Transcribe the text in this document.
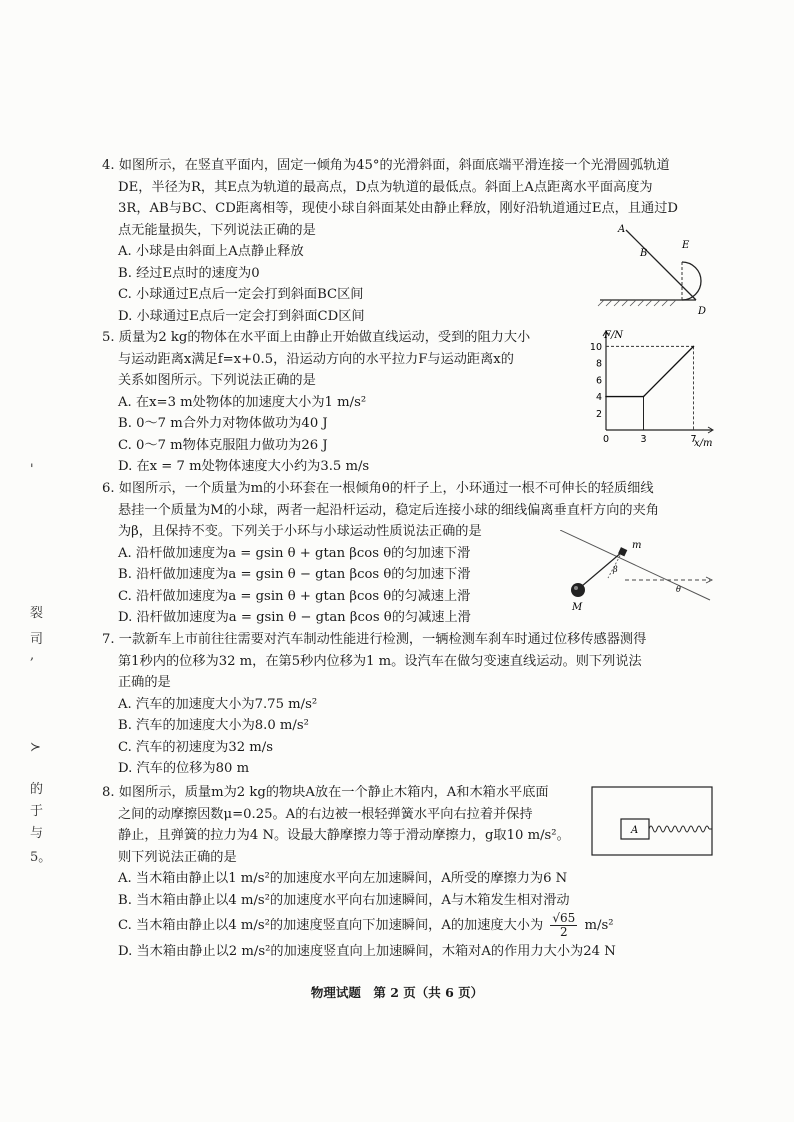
'
裂
司
,
≻
的
于
与
5。

4. 如图所示，在竖直平面内，固定一倾角为45°的光滑斜面，斜面底端平滑连接一个光滑圆弧轨道

DE，半径为R，其E点为轨道的最高点，D点为轨道的最低点。斜面上A点距离水平面高度为

3R，AB与BC、CD距离相等，现使小球自斜面某处由静止释放，刚好沿轨道通过E点，且通过D

点无能量损失，下列说法正确的是

A. 小球是由斜面上A点静止释放

B. 经过E点时的速度为0

C. 小球通过E点后一定会打到斜面BC区间

D. 小球通过E点后一定会打到斜面CD区间

A
B
E
D

5. 质量为2 kg的物体在水平面上由静止开始做直线运动，受到的阻力大小

与运动距离x满足f=x+0.5，沿运动方向的水平拉力F与运动距离x的

关系如图所示。下列说法正确的是

A. 在x=3 m处物体的加速度大小为1 m/s²

B. 0～7 m合外力对物体做功为40 J

C. 0～7 m物体克服阻力做功为26 J

D. 在x = 7 m处物体速度大小约为3.5 m/s

2
4
6
8
10
0	3	7
F/N
x/m

6. 如图所示，一个质量为m的小环套在一根倾角θ的杆子上，小环通过一根不可伸长的轻质细线

悬挂一个质量为M的小球，两者一起沿杆运动，稳定后连接小球的细线偏离垂直杆方向的夹角

为β，且保持不变。下列关于小环与小球运动性质说法正确的是

A. 沿杆做加速度为a = gsin θ + gtan βcos θ的匀加速下滑

B. 沿杆做加速度为a = gsin θ − gtan βcos θ的匀加速下滑

C. 沿杆做加速度为a = gsin θ + gtan βcos θ的匀减速上滑

D. 沿杆做加速度为a = gsin θ − gtan βcos θ的匀减速上滑

m
M
β
θ

7. 一款新车上市前往往需要对汽车制动性能进行检测，一辆检测车刹车时通过位移传感器测得

第1秒内的位移为32 m，在第5秒内位移为1 m。设汽车在做匀变速直线运动。则下列说法

正确的是

A. 汽车的加速度大小为7.75 m/s²

B. 汽车的加速度大小为8.0 m/s²

C. 汽车的初速度为32 m/s

D. 汽车的位移为80 m

8. 如图所示，质量m为2 kg的物块A放在一个静止木箱内，A和木箱水平底面

之间的动摩擦因数μ=0.25。A的右边被一根轻弹簧水平向右拉着并保持

静止，且弹簧的拉力为4 N。设最大静摩擦力等于滑动摩擦力，g取10 m/s²。

则下列说法正确的是

A. 当木箱由静止以1 m/s²的加速度水平向左加速瞬间，A所受的摩擦力为6 N

B. 当木箱由静止以4 m/s²的加速度水平向右加速瞬间，A与木箱发生相对滑动

C. 当木箱由静止以4 m/s²的加速度竖直向下加速瞬间，A的加速度大小为 $\frac{√65}{2} m/s^2$

D. 当木箱由静止以2 m/s²的加速度竖直向上加速瞬间，木箱对A的作用力大小为24 N

A
物理试题　第 2 页（共 6 页）
